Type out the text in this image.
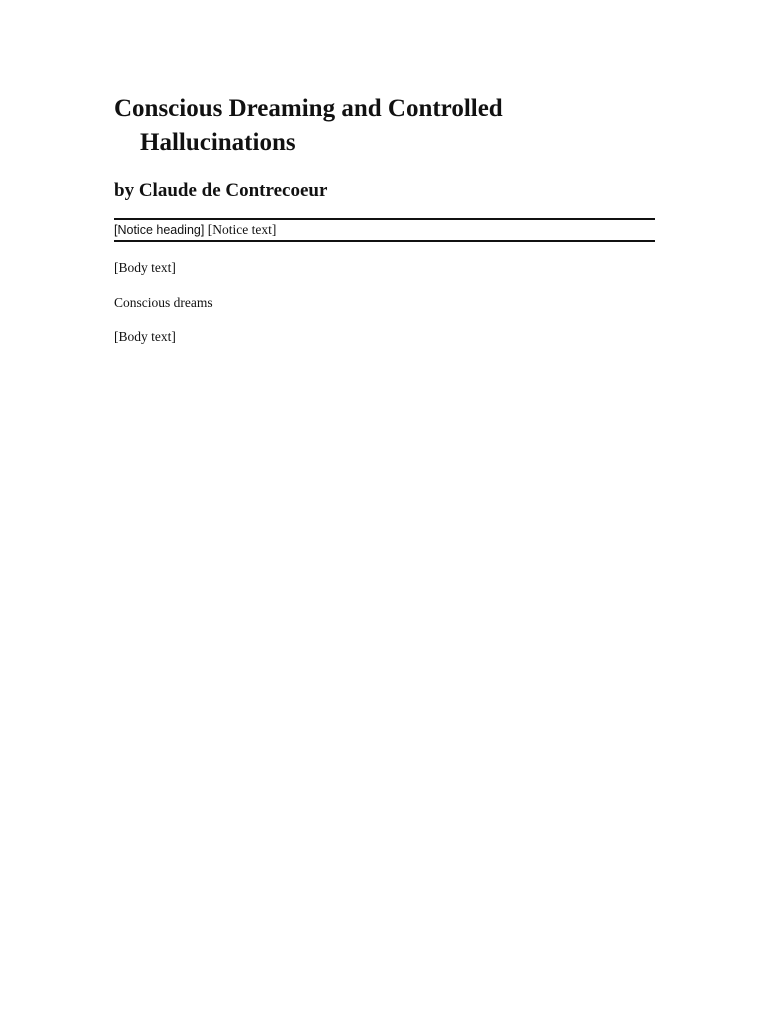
Conscious Dreaming and Controlled Hallucinations
by Claude de Contrecoeur
[Notice heading] [Notice text]

[Body text]

Conscious dreams

[Body text]
